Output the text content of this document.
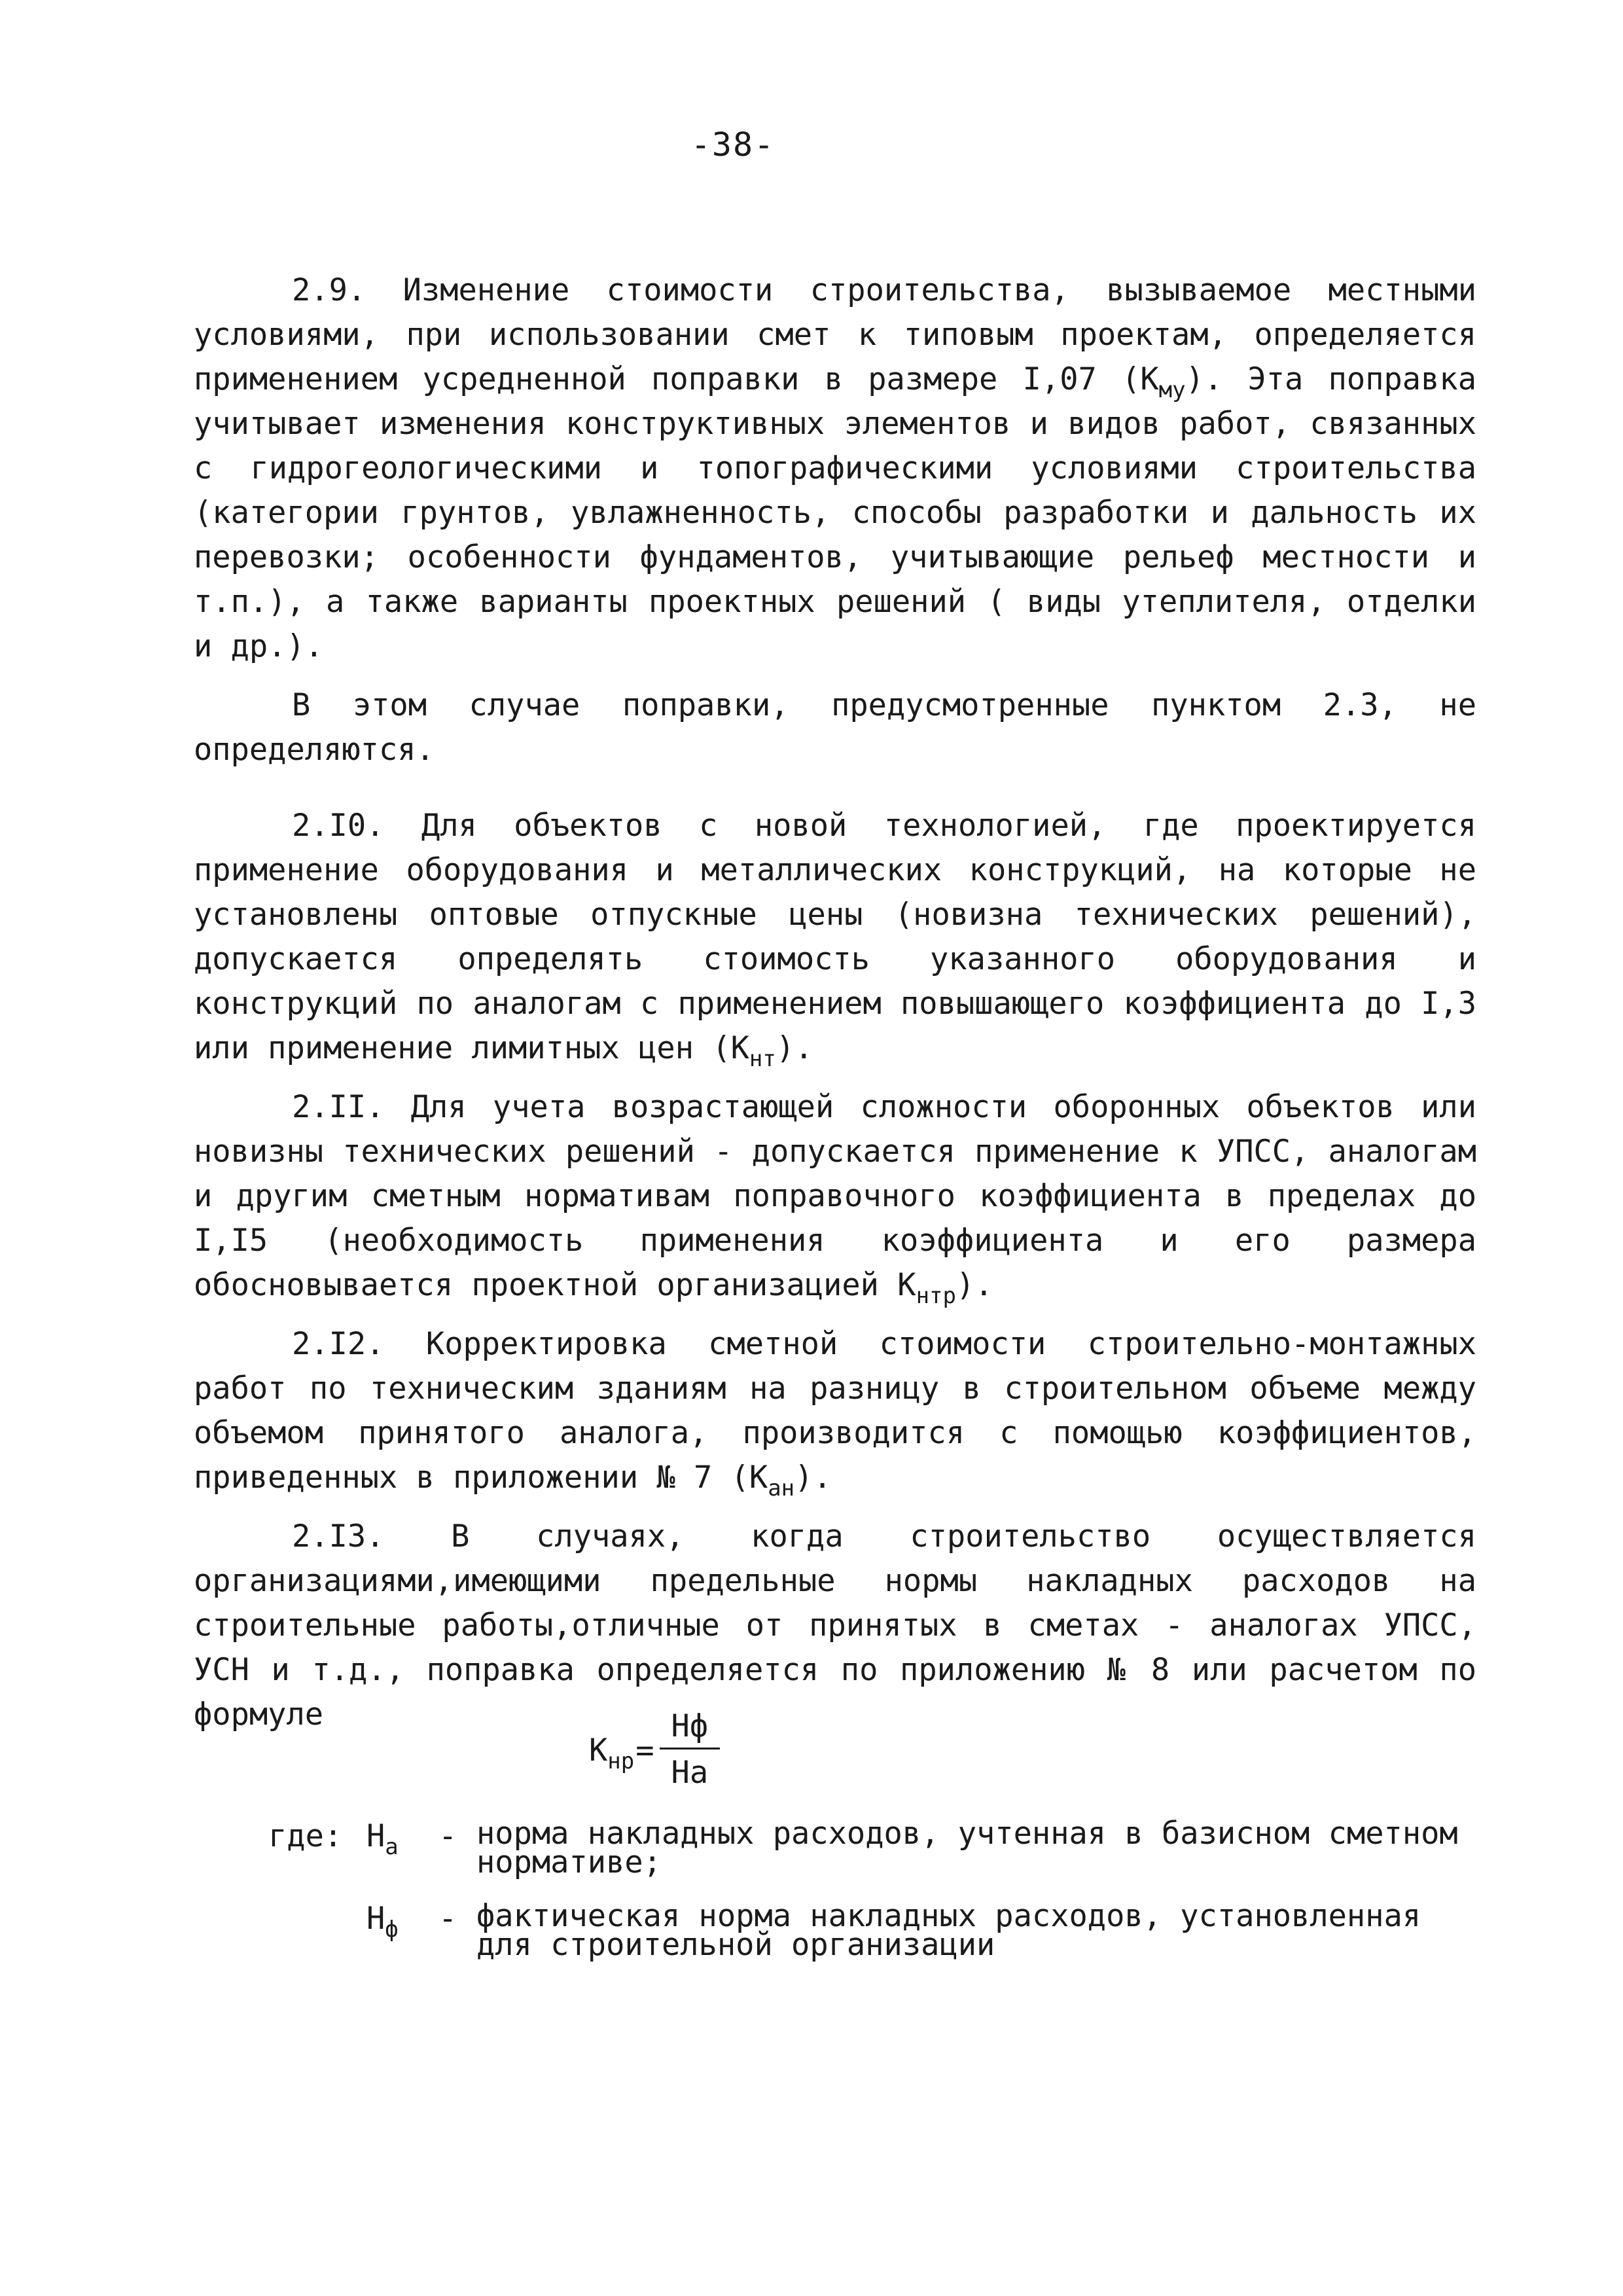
-38-

2.9. Изменение стоимости строительства, вызываемое местными условиями, при использовании смет к типовым проектам, определяется применением усредненной поправки в размере I,07 $(К_{му})$. Эта поправка учитывает изменения конструктивных элементов и видов работ, связанных с гидрогеологическими и топографическими условиями строительства (категории грунтов, увлажненность, способы разработки и дальность их перевозки; особенности фундаментов, учитывающие рельеф местности и т.п.), а также варианты проектных решений ( виды утеплителя, отделки и др.).

В этом случае поправки, предусмотренные пунктом 2.3, не определяются.

2.I0. Для объектов с новой технологией, где проектируется применение оборудования и металлических конструкций, на которые не установлены оптовые отпускные цены (новизна технических решений), допускается определять стоимость указанного оборудования и конструкций по аналогам с применением повышающего коэффициента до I,3 или применение лимитных цен $(К_{нт})$.

2.II. Для учета возрастающей сложности оборонных объектов или новизны технических решений - допускается применение к УПСС, аналогам и другим сметным нормативам поправочного коэффициента в пределах до I,I5 (необходимость применения коэффициента и его размера обосновывается проектной организацией $К_{нтр}$).

2.I2. Корректировка сметной стоимости строительно-монтажных работ по техническим зданиям на разницу в строительном объеме между объемом принятого аналога, производится с помощью коэффициентов, приведенных в приложении № 7 $(К_{ан})$.

2.I3. В случаях, когда строительство осуществляется организациями,имеющими предельные нормы накладных расходов на строительные работы,отличные от принятых в сметах - аналогах УПСС, УСН и т.д., поправка определяется по приложению № 8 или расчетом по формуле

$К_{нр} = \frac{Нф}{На}$
где: $Н_а$	- норма накладных расходов, учтенная в базисном сметном нормативе;
$Н_ф$	- фактическая норма накладных расходов, установленная для строительной организации
